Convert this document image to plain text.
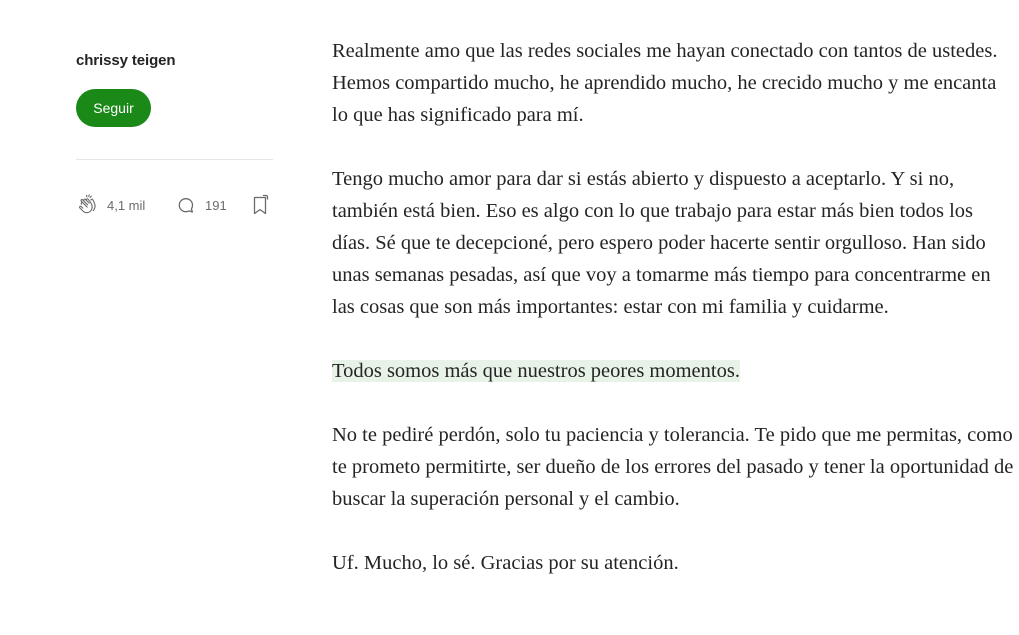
chrissy teigen
Seguir
4,1 mil	191

Realmente amo que las redes sociales me hayan conectado con tantos de ustedes. Hemos compartido mucho, he aprendido mucho, he crecido mucho y me encanta lo que has significado para mí.

Tengo mucho amor para dar si estás abierto y dispuesto a aceptarlo. Y si no, también está bien. Eso es algo con lo que trabajo para estar más bien todos los días. Sé que te decepcioné, pero espero poder hacerte sentir orgulloso. Han sido unas semanas pesadas, así que voy a tomarme más tiempo para concentrarme en las cosas que son más importantes: estar con mi familia y cuidarme.

Todos somos más que nuestros peores momentos.

No te pediré perdón, solo tu paciencia y tolerancia. Te pido que me permitas, como te prometo permitirte, ser dueño de los errores del pasado y tener la oportunidad de buscar la superación personal y el cambio.

Uf. Mucho, lo sé. Gracias por su atención.
